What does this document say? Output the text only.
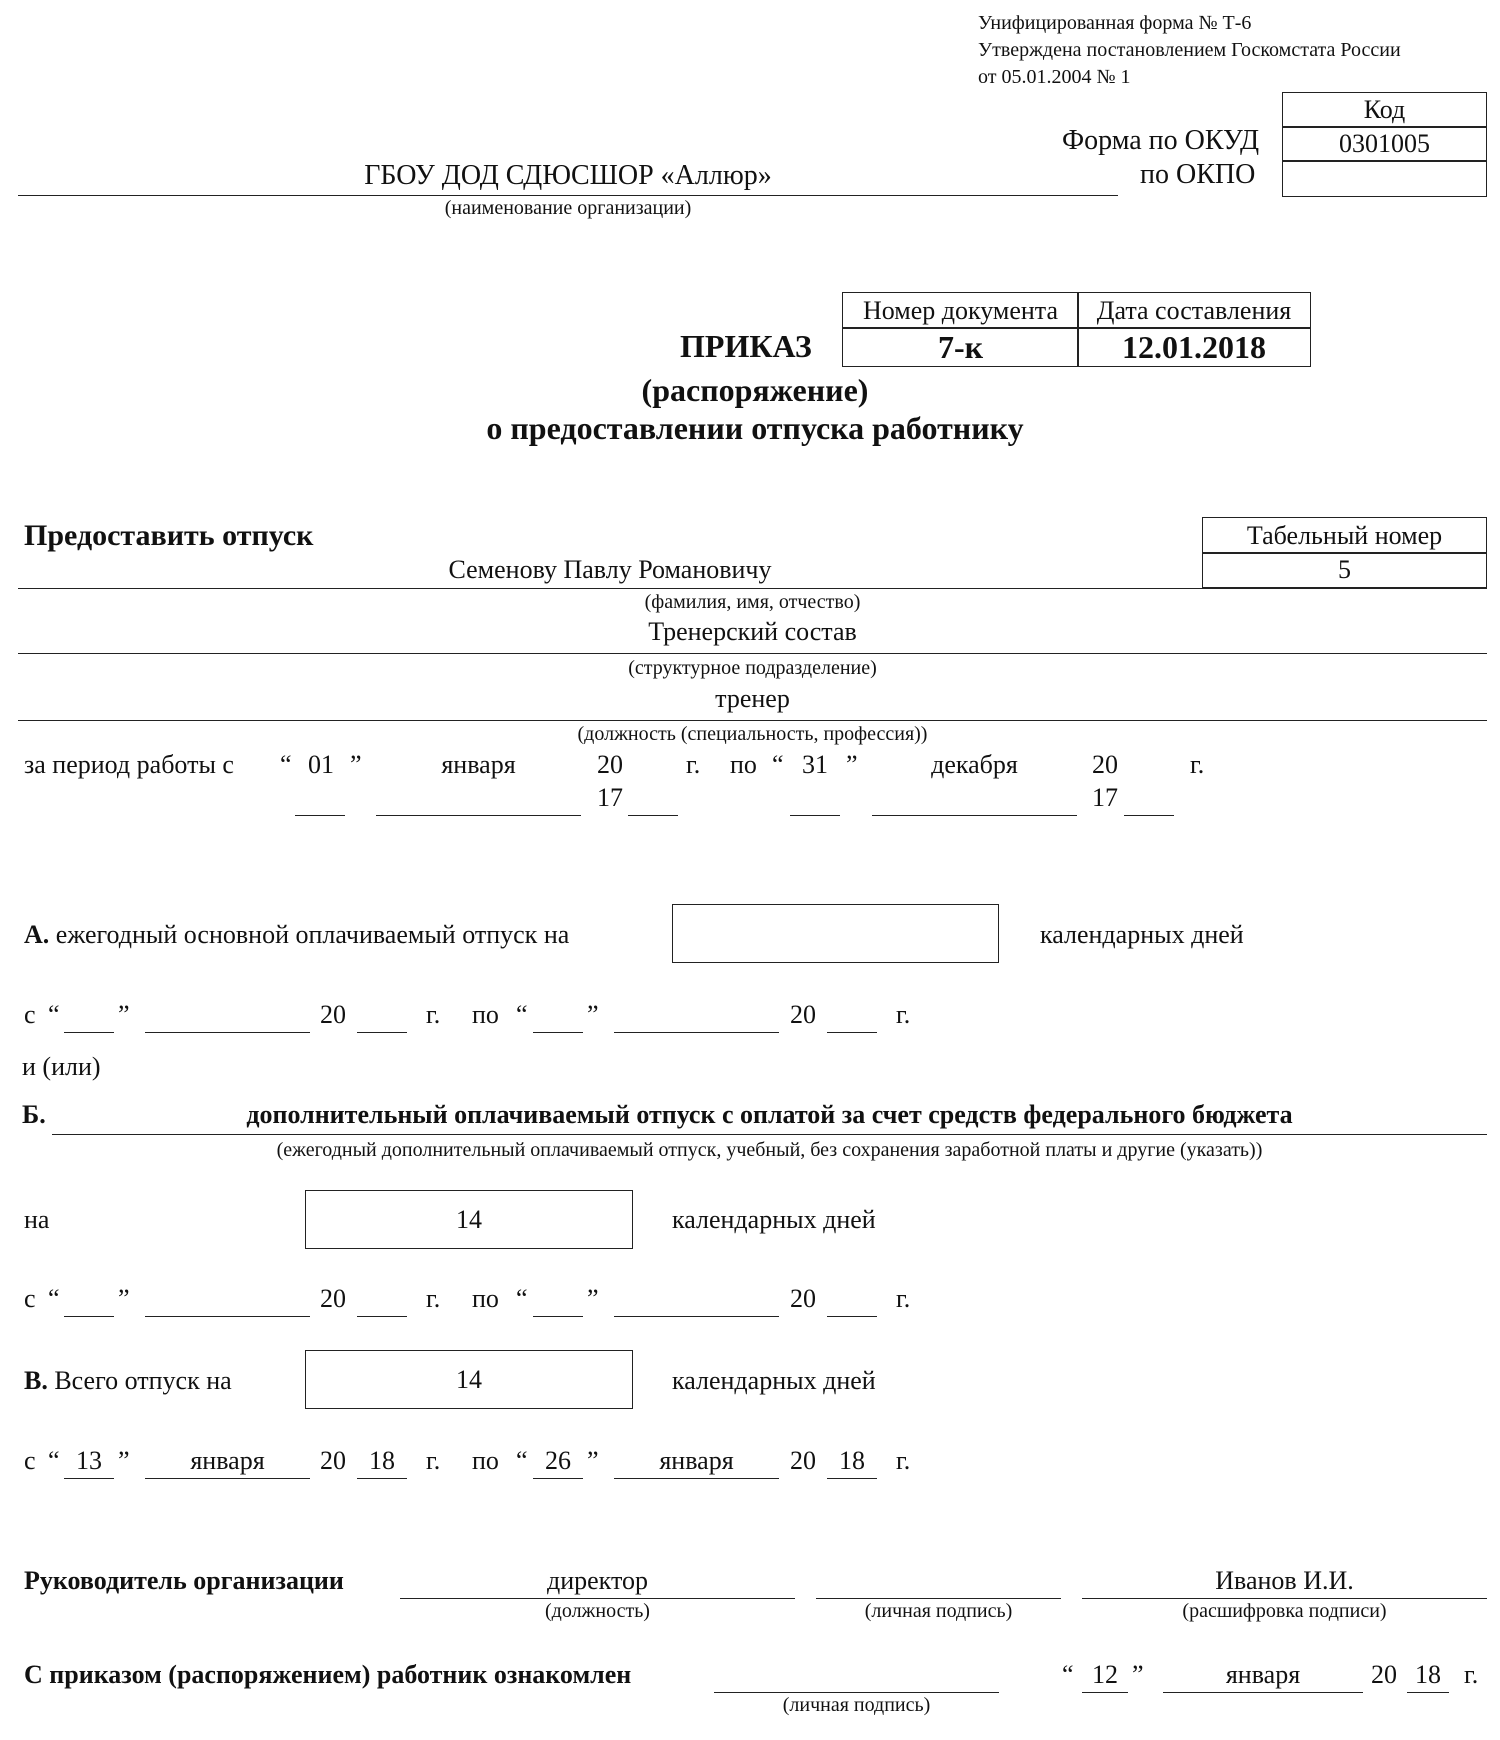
Унифицированная форма № Т-6
Утверждена постановлением Госкомстата России
от 05.01.2004 № 1
Код
0301005
Форма по ОКУД
по ОКПО
ГБОУ ДОД СДЮСШОР «Аллюр»
(наименование организации)
Номер документа	Дата составления
7-к	12.01.2018
ПРИКАЗ
(распоряжение)
о предоставлении отпуска работнику
Предоставить отпуск	Табельный номер
5
Семенову Павлу Романовичу
(фамилия, имя, отчество)
Тренерский состав
(структурное подразделение)
тренер
(должность (специальность, профессия))
за период работы с “ 01 ”	января	20
17
г. по “ 31 ”	декабря	20
17
г.
А. ежегодный основной оплачиваемый отпуск на	календарных дней
с “ ”	20	г. по “ ”	20	г.
и (или)
Б.	дополнительный оплачиваемый отпуск с оплатой за счет средств федерального бюджета
(ежегодный дополнительный оплачиваемый отпуск, учебный, без сохранения заработной платы и другие (указать))
на	14	календарных дней
с “ ”	20	г. по “ ”	20	г.
В. Всего отпуск на	14	календарных дней
с “ 13 ”	января	20 18	г. по “ 26 ”	января	20 18	г.
Руководитель организации	директор
(должность)	(личная подпись)
Иванов И.И.
(расшифровка подписи)
С приказом (распоряжением) работник ознакомлен
(личная подпись)
“ 12 ”	января	20 18 г.
